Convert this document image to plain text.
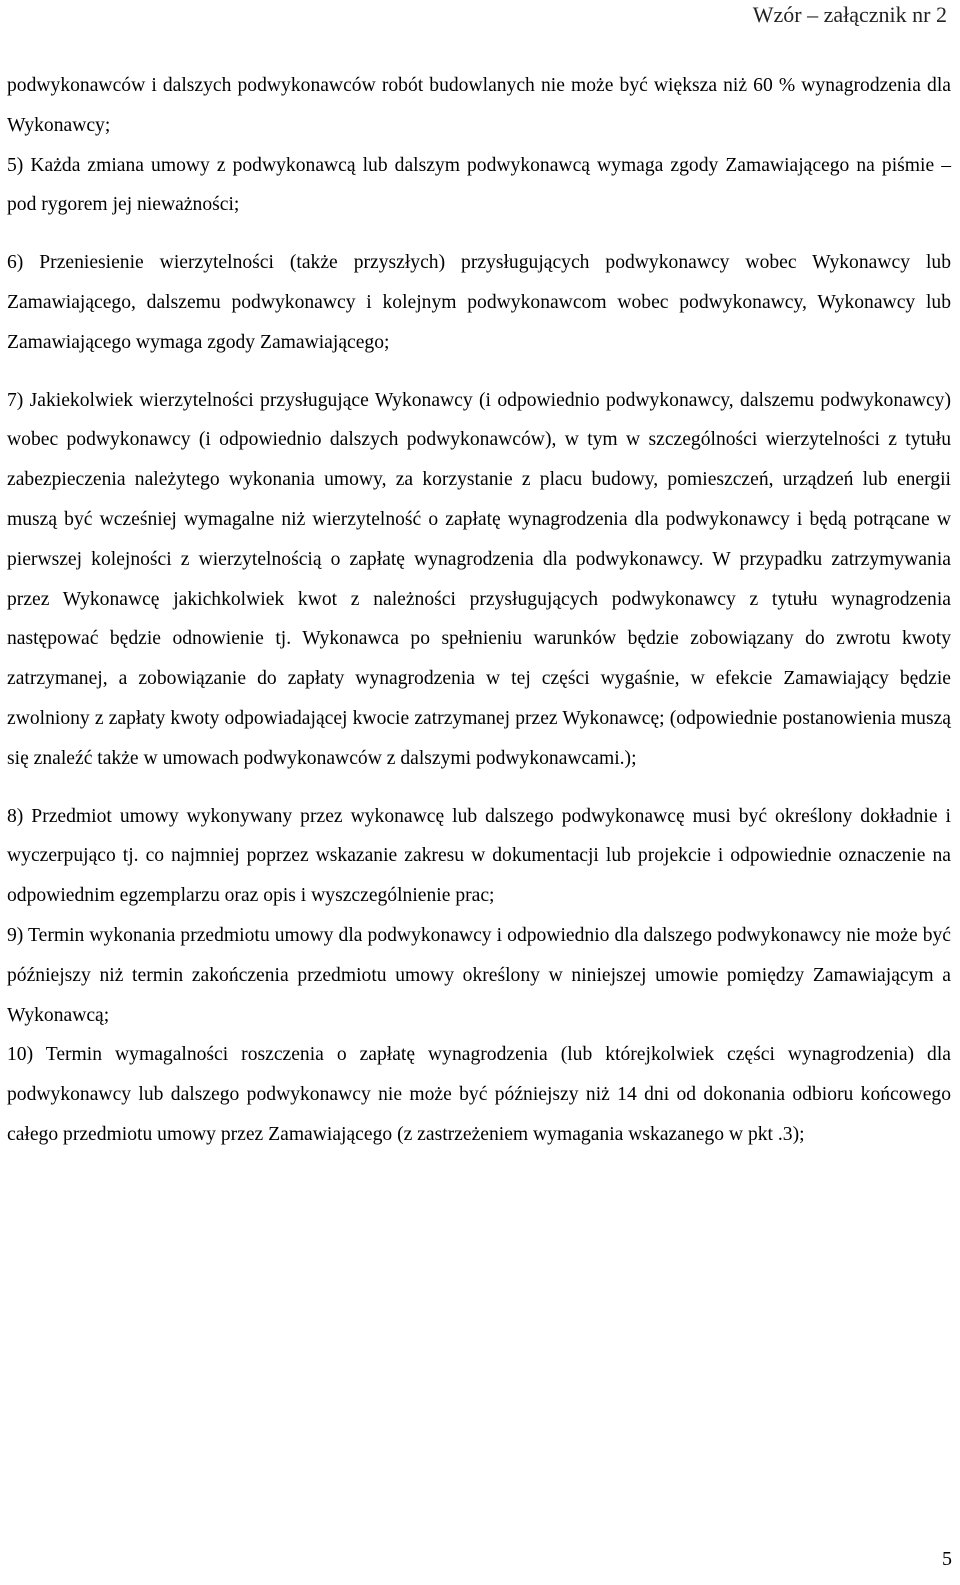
Wzór – załącznik nr 2

podwykonawców i dalszych podwykonawców robót budowlanych nie może być większa niż 60 % wynagrodzenia dla Wykonawcy;

5) Każda zmiana umowy z podwykonawcą lub dalszym podwykonawcą wymaga zgody Zamawiającego na piśmie – pod rygorem jej nieważności;

6) Przeniesienie wierzytelności (także przyszłych) przysługujących podwykonawcy wobec Wykonawcy lub Zamawiającego, dalszemu podwykonawcy i kolejnym podwykonawcom wobec podwykonawcy, Wykonawcy lub Zamawiającego wymaga zgody Zamawiającego;

7) Jakiekolwiek wierzytelności przysługujące Wykonawcy (i odpowiednio podwykonawcy, dalszemu podwykonawcy) wobec podwykonawcy (i odpowiednio dalszych podwykonawców), w tym w szczególności wierzytelności z tytułu zabezpieczenia należytego wykonania umowy, za korzystanie z placu budowy, pomieszczeń, urządzeń lub energii muszą być wcześniej wymagalne niż wierzytelność o zapłatę wynagrodzenia dla podwykonawcy i będą potrącane w pierwszej kolejności z wierzytelnością o zapłatę wynagrodzenia dla podwykonawcy. W przypadku zatrzymywania przez Wykonawcę jakichkolwiek kwot z należności przysługujących podwykonawcy z tytułu wynagrodzenia następować będzie odnowienie tj. Wykonawca po spełnieniu warunków będzie zobowiązany do zwrotu kwoty zatrzymanej, a zobowiązanie do zapłaty wynagrodzenia w tej części wygaśnie, w efekcie Zamawiający będzie zwolniony z zapłaty kwoty odpowiadającej kwocie zatrzymanej przez Wykonawcę; (odpowiednie postanowienia muszą się znaleźć także w umowach podwykonawców z dalszymi podwykonawcami.);

8) Przedmiot umowy wykonywany przez wykonawcę lub dalszego podwykonawcę musi być określony dokładnie i wyczerpująco tj. co najmniej poprzez wskazanie zakresu w dokumentacji lub projekcie i odpowiednie oznaczenie na odpowiednim egzemplarzu oraz opis i wyszczególnienie prac;

9) Termin wykonania przedmiotu umowy dla podwykonawcy i odpowiednio dla dalszego podwykonawcy nie może być późniejszy niż termin zakończenia przedmiotu umowy określony w niniejszej umowie pomiędzy Zamawiającym a Wykonawcą;

10) Termin wymagalności roszczenia o zapłatę wynagrodzenia (lub którejkolwiek części wynagrodzenia) dla podwykonawcy lub dalszego podwykonawcy nie może być późniejszy niż 14 dni od dokonania odbioru końcowego całego przedmiotu umowy przez Zamawiającego (z zastrzeżeniem wymagania wskazanego w pkt .3);

5
